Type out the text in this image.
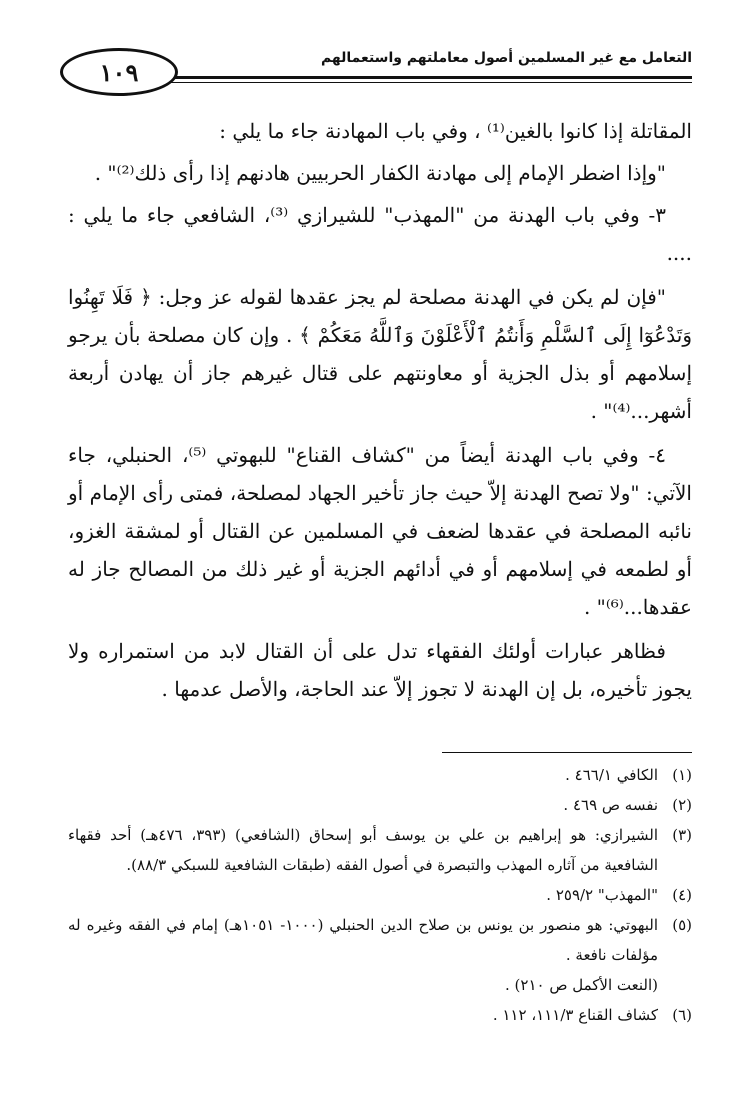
١٠٩	التعامل مع غير المسلمين أصول معاملتهم واستعمالهم

المقاتلة إذا كانوا بالغين⁽¹⁾ ، وفي باب المهادنة جاء ما يلي :

"وإذا اضطر الإمام إلى مهادنة الكفار الحربيين هادنهم إذا رأى ذلك⁽²⁾" .

٣- وفي باب الهدنة من "المهذب" للشيرازي ⁽³⁾، الشافعي جاء ما يلي : ....

"فإن لم يكن في الهدنة مصلحة لم يجز عقدها لقوله عز وجل: ﴿ فَلَا تَهِنُوا وَتَدْعُوٓا إِلَى ٱلسَّلْمِ وَأَنتُمُ ٱلْأَعْلَوْنَ وَٱللَّهُ مَعَكُمْ ﴾ . وإن كان مصلحة بأن يرجو إسلامهم أو بذل الجزية أو معاونتهم على قتال غيرهم جاز أن يهادن أربعة أشهر...⁽⁴⁾" .

٤- وفي باب الهدنة أيضاً من "كشاف القناع" للبهوتي ⁽⁵⁾، الحنبلي، جاء الآتي: "ولا تصح الهدنة إلاّ حيث جاز تأخير الجهاد لمصلحة، فمتى رأى الإمام أو نائبه المصلحة في عقدها لضعف في المسلمين عن القتال أو لمشقة الغزو، أو لطمعه في إسلامهم أو في أدائهم الجزية أو غير ذلك من المصالح جاز له عقدها...⁽⁶⁾" .

فظاهر عبارات أولئك الفقهاء تدل على أن القتال لابد من استمراره ولا يجوز تأخيره، بل إن الهدنة لا تجوز إلاّ عند الحاجة، والأصل عدمها .

(١)
الكافي ٤٦٦/١ .
(٢)
نفسه ص ٤٦٩ .
(٣)
الشيرازي: هو إبراهيم بن علي بن يوسف أبو إسحاق (الشافعي) (٣٩٣، ٤٧٦هـ) أحد فقهاء الشافعية من آثاره المهذب والتبصرة في أصول الفقه (طبقات الشافعية للسبكي ٨٨/٣).
(٤)
"المهذب" ٢٥٩/٢ .
(٥)
البهوتي: هو منصور بن يونس بن صلاح الدين الحنبلي (١٠٠٠- ١٠٥١هـ) إمام في الفقه وغيره له مؤلفات نافعة .

(النعت الأكمل ص ٢١٠) .

(٦)
كشاف القناع ١١١/٣، ١١٢ .
